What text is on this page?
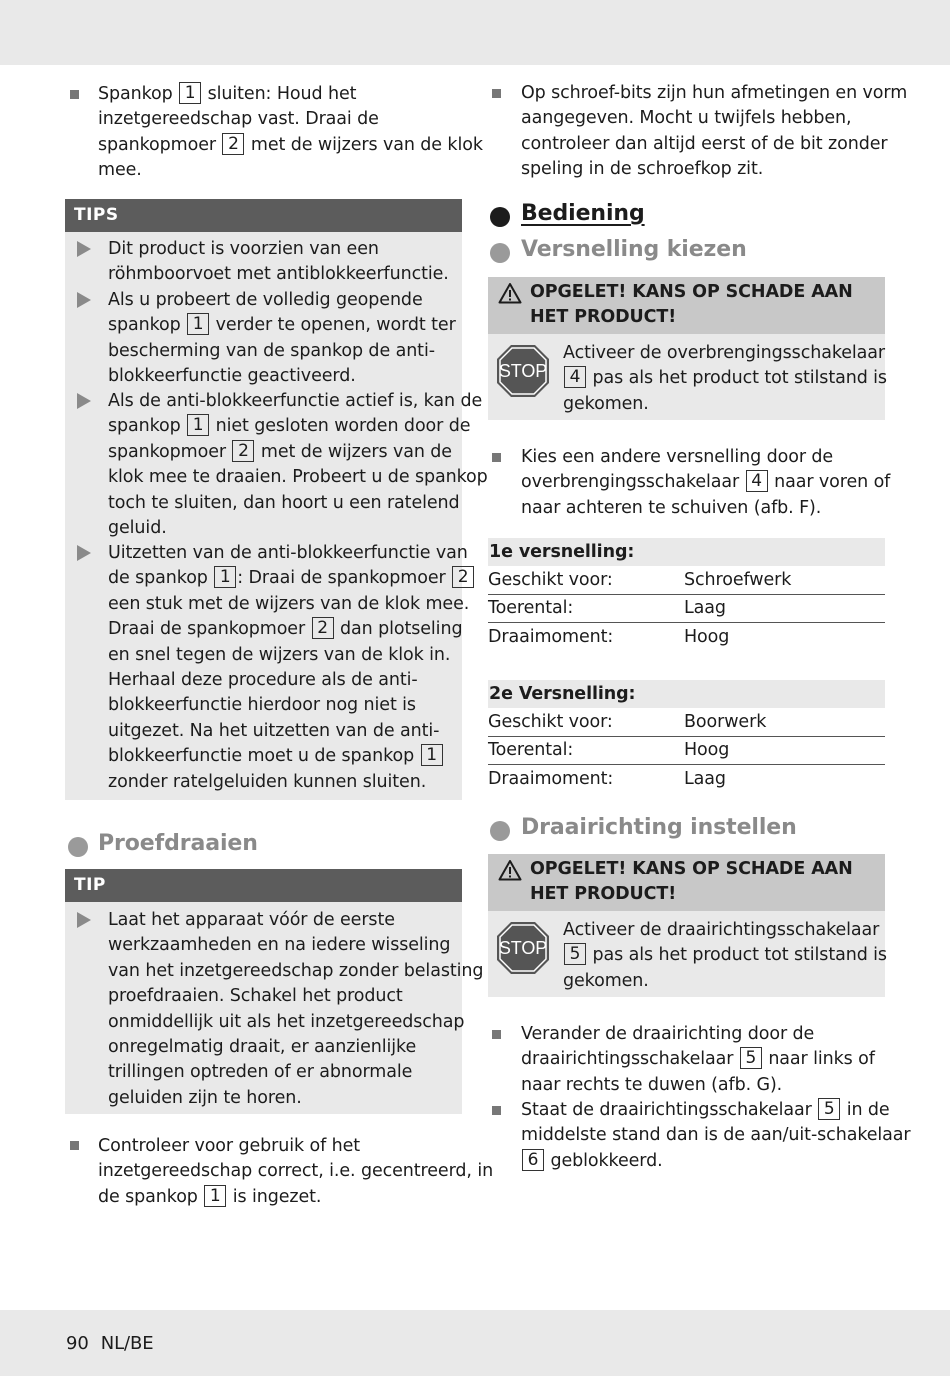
Spankop 1 sluiten: Houd het
inzetgereedschap vast. Draai de
spankopmoer 2 met de wijzers van de klok
mee.
TIPS
Dit product is voorzien van een
röhmboorvoet met antiblokkeerfunctie.
Als u probeert de volledig geopende
spankop 1 verder te openen, wordt ter
bescherming van de spankop de anti-
blokkeerfunctie geactiveerd.
Als de anti-blokkeerfunctie actief is, kan de
spankop 1 niet gesloten worden door de
spankopmoer 2 met de wijzers van de
klok mee te draaien. Probeert u de spankop
toch te sluiten, dan hoort u een ratelend
geluid.
Uitzetten van de anti-blokkeerfunctie van
de spankop 1 : Draai de spankopmoer 2
een stuk met de wijzers van de klok mee.
Draai de spankopmoer 2 dan plotseling
en snel tegen de wijzers van de klok in.
Herhaal deze procedure als de anti-
blokkeerfunctie hierdoor nog niet is
uitgezet. Na het uitzetten van de anti-
blokkeerfunctie moet u de spankop 1
zonder ratelgeluiden kunnen sluiten.
Proefdraaien
TIP
Laat het apparaat vóór de eerste
werkzaamheden en na iedere wisseling
van het inzetgereedschap zonder belasting
proefdraaien. Schakel het product
onmiddellijk uit als het inzetgereedschap
onregelmatig draait, er aanzienlijke
trillingen optreden of er abnormale
geluiden zijn te horen.
Controleer voor gebruik of het
inzetgereedschap correct, i.e. gecentreerd, in
de spankop 1 is ingezet.
Op schroef-bits zijn hun afmetingen en vorm
aangegeven. Mocht u twijfels hebben,
controleer dan altijd eerst of de bit zonder
speling in de schroefkop zit.
Bediening
Versnelling kiezen
OPGELET! KANS OP SCHADE AAN
HET PRODUCT!
STOP
Activeer de overbrengingsschakelaar
4 pas als het product tot stilstand is
gekomen.
Kies een andere versnelling door de
overbrengingsschakelaar 4 naar voren of
naar achteren te schuiven (afb. F).
1e versnelling:
Geschikt voor:	Schroefwerk
Toerental:	Laag
Draaimoment:	Hoog
2e Versnelling:
Geschikt voor:	Boorwerk
Toerental:	Hoog
Draaimoment:	Laag
Draairichting instellen
OPGELET! KANS OP SCHADE AAN
HET PRODUCT!
STOP
Activeer de draairichtingsschakelaar
5 pas als het product tot stilstand is
gekomen.
Verander de draairichting door de
draairichtingsschakelaar 5 naar links of
naar rechts te duwen (afb. G).
Staat de draairichtingsschakelaar 5 in de
middelste stand dan is de aan/uit-schakelaar
6 geblokkeerd.
90 NL/BE
